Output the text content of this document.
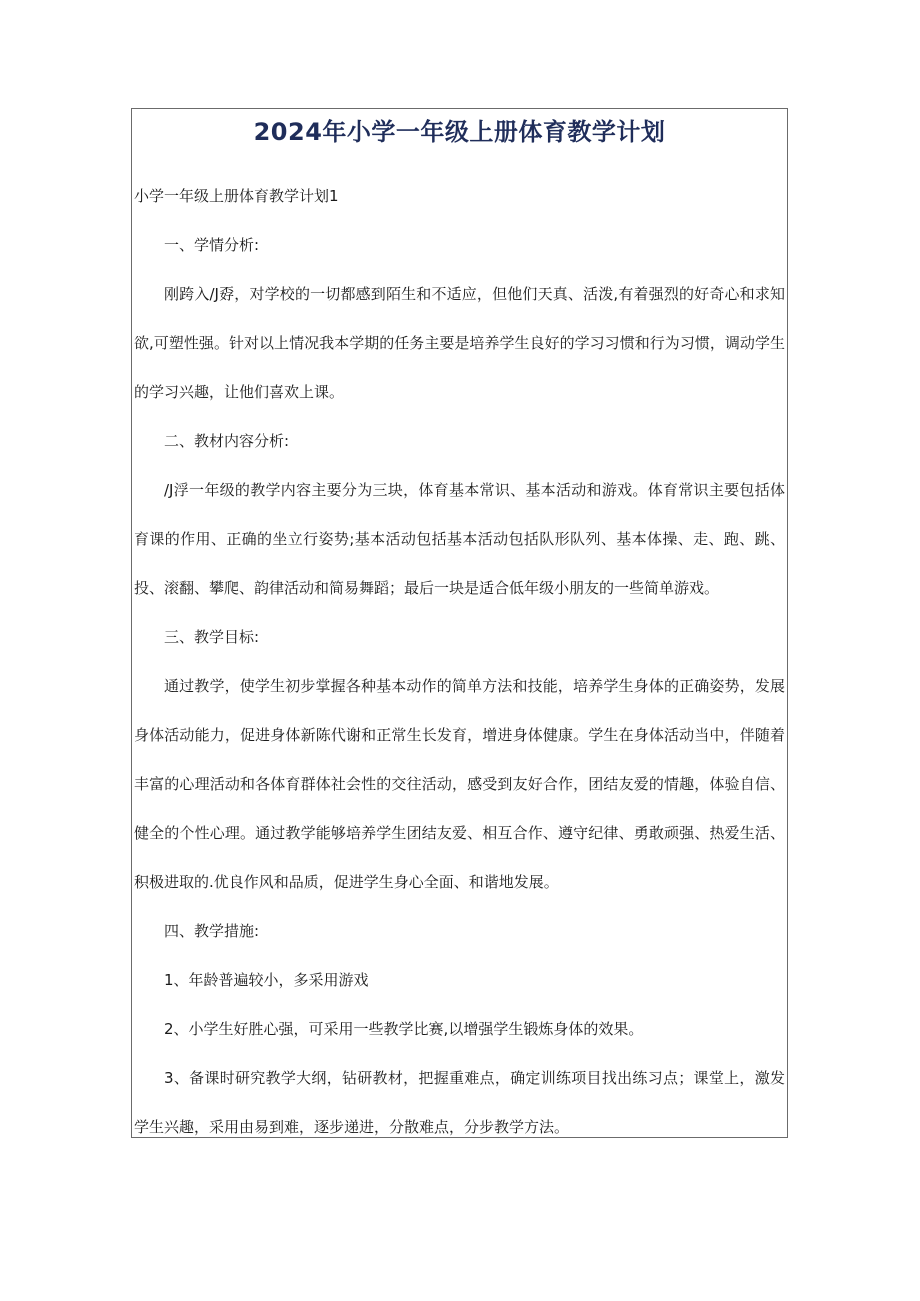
2024年小学一年级上册体育教学计划

小学一年级上册体育教学计划1

一、学情分析:

刚跨入/J孬，对学校的一切都感到陌生和不适应，但他们天真、活泼,有着强烈的好奇心和求知欲,可塑性强。针对以上情况我本学期的任务主要是培养学生良好的学习习惯和行为习惯，调动学生的学习兴趣，让他们喜欢上课。

二、教材内容分析:

/J浮一年级的教学内容主要分为三块，体育基本常识、基本活动和游戏。体育常识主要包括体育课的作用、正确的坐立行姿势;基本活动包括基本活动包括队形队列、基本体操、走、跑、跳、投、滚翻、攀爬、韵律活动和简易舞蹈；最后一块是适合低年级小朋友的一些简单游戏。

三、教学目标:

通过教学，使学生初步掌握各种基本动作的简单方法和技能，培养学生身体的正确姿势，发展身体活动能力，促进身体新陈代谢和正常生长发育，增进身体健康。学生在身体活动当中，伴随着丰富的心理活动和各体育群体社会性的交往活动，感受到友好合作，团结友爱的情趣，体验自信、健全的个性心理。通过教学能够培养学生团结友爱、相互合作、遵守纪律、勇敢顽强、热爱生活、积极进取的.优良作风和品质，促进学生身心全面、和谐地发展。

四、教学措施:

1、年龄普遍较小，多采用游戏

2、小学生好胜心强，可采用一些教学比赛,以增强学生锻炼身体的效果。

3、备课时研究教学大纲，钻研教材，把握重难点，确定训练项目找出练习点；课堂上，激发学生兴趣，采用由易到难，逐步递进，分散难点，分步教学方法。
